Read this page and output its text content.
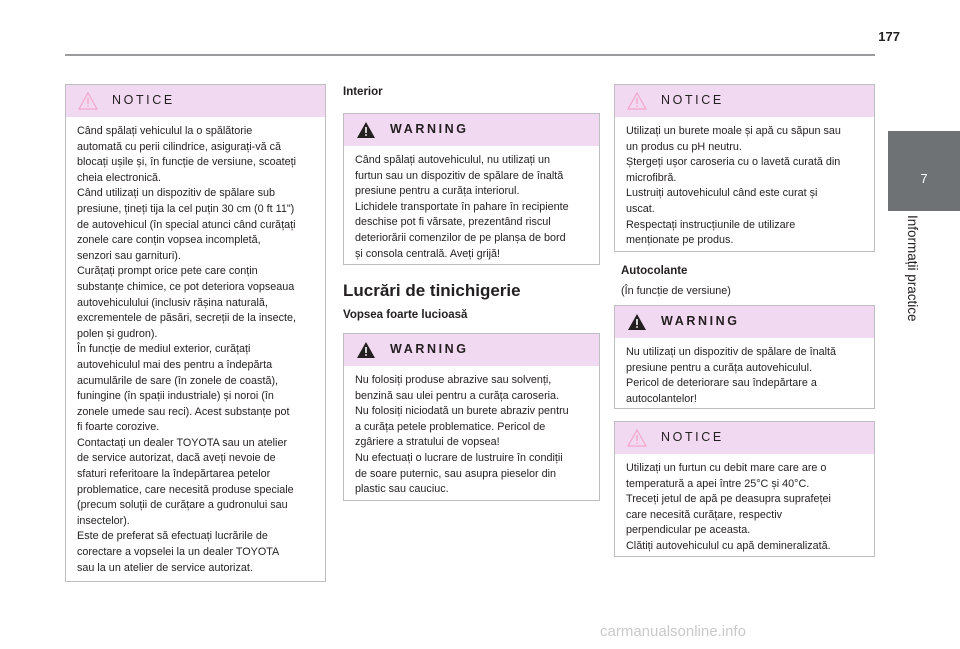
177
7
Informații practice
NOTICE

Când spălați vehiculul la o spălătorie
automată cu perii cilindrice, asigurați-vă că
blocați ușile și, în funcție de versiune, scoateți
cheia electronică.
Când utilizați un dispozitiv de spălare sub
presiune, țineți tija la cel puțin 30 cm (0 ft 11")
de autovehicul (în special atunci când curățați
zonele care conțin vopsea incompletă,
senzori sau garnituri).
Curățați prompt orice pete care conțin
substanțe chimice, ce pot deteriora vopseaua
autovehiculului (inclusiv rășina naturală,
excrementele de păsări, secreții de la insecte,
polen și gudron).
În funcție de mediul exterior, curățați
autovehiculul mai des pentru a îndepărta
acumulările de sare (în zonele de coastă),
funingine (în spații industriale) și noroi (în
zonele umede sau reci). Acest substanțe pot
fi foarte corozive.
Contactați un dealer TOYOTA sau un atelier
de service autorizat, dacă aveți nevoie de
sfaturi referitoare la îndepărtarea petelor
problematice, care necesită produse speciale
(precum soluții de curățare a gudronului sau
insectelor).
Este de preferat să efectuați lucrările de
corectare a vopselei la un dealer TOYOTA
sau la un atelier de service autorizat.

Interior
WARNING

Când spălați autovehiculul, nu utilizați un
furtun sau un dispozitiv de spălare de înaltă
presiune pentru a curăța interiorul.
Lichidele transportate în pahare în recipiente
deschise pot fi vărsate, prezentând riscul
deteriorării comenzilor de pe planșa de bord
și consola centrală. Aveți grijă!

Lucrări de tinichigerie
Vopsea foarte lucioasă
WARNING

Nu folosiți produse abrazive sau solvenți,
benzină sau ulei pentru a curăța caroseria.
Nu folosiți niciodată un burete abraziv pentru
a curăța petele problematice. Pericol de
zgâriere a stratului de vopsea!
Nu efectuați o lucrare de lustruire în condiții
de soare puternic, sau asupra pieselor din
plastic sau cauciuc.

NOTICE

Utilizați un burete moale și apă cu săpun sau
un produs cu pH neutru.
Ștergeți ușor caroseria cu o lavetă curată din
microfibră.
Lustruiți autovehiculul când este curat și
uscat.
Respectați instrucțiunile de utilizare
menționate pe produs.

Autocolante
(În funcție de versiune)
WARNING

Nu utilizați un dispozitiv de spălare de înaltă
presiune pentru a curăța autovehiculul.
Pericol de deteriorare sau îndepărtare a
autocolantelor!

NOTICE

Utilizați un furtun cu debit mare care are o
temperatură a apei între 25°C și 40°C.
Treceți jetul de apă pe deasupra suprafeței
care necesită curățare, respectiv
perpendicular pe aceasta.
Clătiți autovehiculul cu apă demineralizată.

carmanualsonline.info
